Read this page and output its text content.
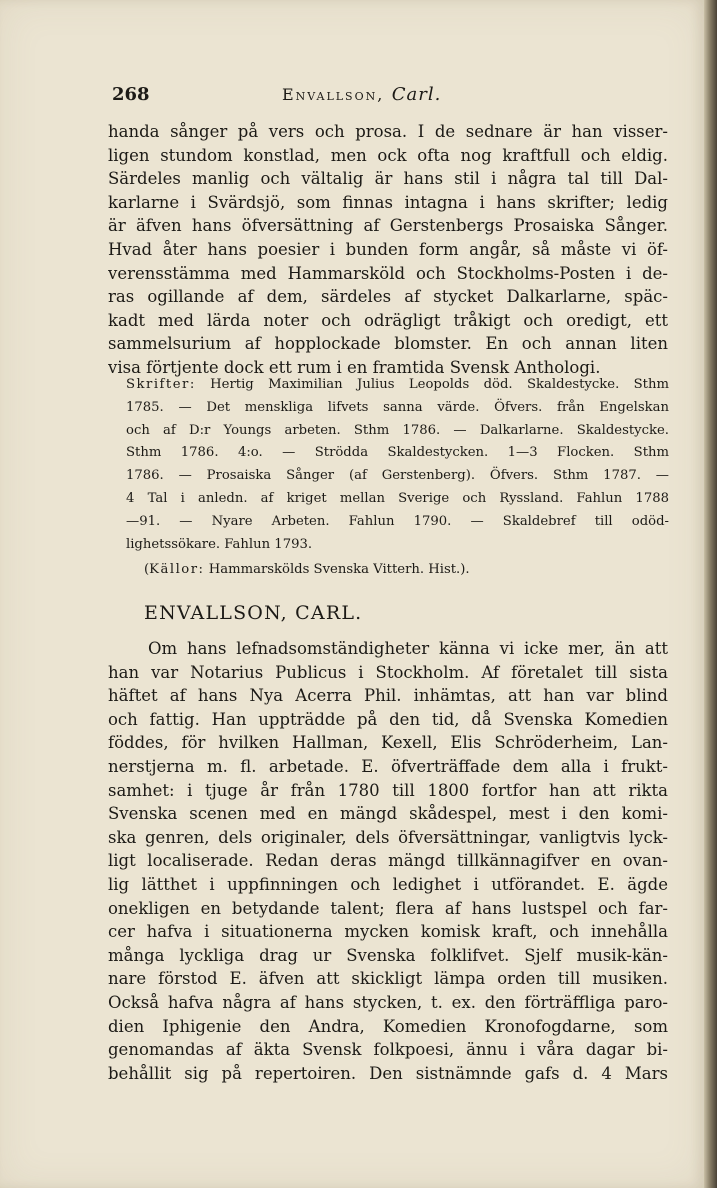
268	Envallson, Carl.
handa sånger på vers och prosa. I de sednare är han visser-
ligen stundom konstlad, men ock ofta nog kraftfull och eldig.
Särdeles manlig och vältalig är hans stil i några tal till Dal-
karlarne i Svärdsjö, som finnas intagna i hans skrifter; ledig
är äfven hans öfversättning af Gerstenbergs Prosaiska Sånger.
Hvad åter hans poesier i bunden form angår, så måste vi öf-
verensstämma med Hammarsköld och Stockholms-Posten i de-
ras ogillande af dem, särdeles af stycket Dalkarlarne, späc-
kadt med lärda noter och odrägligt tråkigt och oredigt, ett
sammelsurium af hopplockade blomster. En och annan liten
visa förtjente dock ett rum i en framtida Svensk Anthologi.
Skrifter: Hertig Maximilian Julius Leopolds död. Skaldestycke. Sthm
1785. — Det menskliga lifvets sanna värde. Öfvers. från Engelskan
och af D:r Youngs arbeten. Sthm 1786. — Dalkarlarne. Skaldestycke.
Sthm 1786. 4:o. — Strödda Skaldestycken. 1—3 Flocken. Sthm
1786. — Prosaiska Sånger (af Gerstenberg). Öfvers. Sthm 1787. —
4 Tal i anledn. af kriget mellan Sverige och Ryssland. Fahlun 1788
—91. — Nyare Arbeten. Fahlun 1790. — Skaldebref till odöd-
lighetssökare. Fahlun 1793.
(Källor: Hammarskölds Svenska Vitterh. Hist.).
ENVALLSON, CARL.
Om hans lefnadsomständigheter känna vi icke mer, än att
han var Notarius Publicus i Stockholm. Af företalet till sista
häftet af hans Nya Acerra Phil. inhämtas, att han var blind
och fattig. Han uppträdde på den tid, då Svenska Komedien
föddes, för hvilken Hallman, Kexell, Elis Schröderheim, Lan-
nerstjerna m. fl. arbetade. E. öfverträffade dem alla i frukt-
samhet: i tjuge år från 1780 till 1800 fortfor han att rikta
Svenska scenen med en mängd skådespel, mest i den komi-
ska genren, dels originaler, dels öfversättningar, vanligtvis lyck-
ligt localiserade. Redan deras mängd tillkännagifver en ovan-
lig lätthet i uppfinningen och ledighet i utförandet. E. ägde
onekligen en betydande talent; flera af hans lustspel och far-
cer hafva i situationerna mycken komisk kraft, och innehålla
många lyckliga drag ur Svenska folklifvet. Sjelf musik-kän-
nare förstod E. äfven att skickligt lämpa orden till musiken.
Också hafva några af hans stycken, t. ex. den förträffliga paro-
dien Iphigenie den Andra, Komedien Kronofogdarne, som
genomandas af äkta Svensk folkpoesi, ännu i våra dagar bi-
behållit sig på repertoiren. Den sistnämnde gafs d. 4 Mars
